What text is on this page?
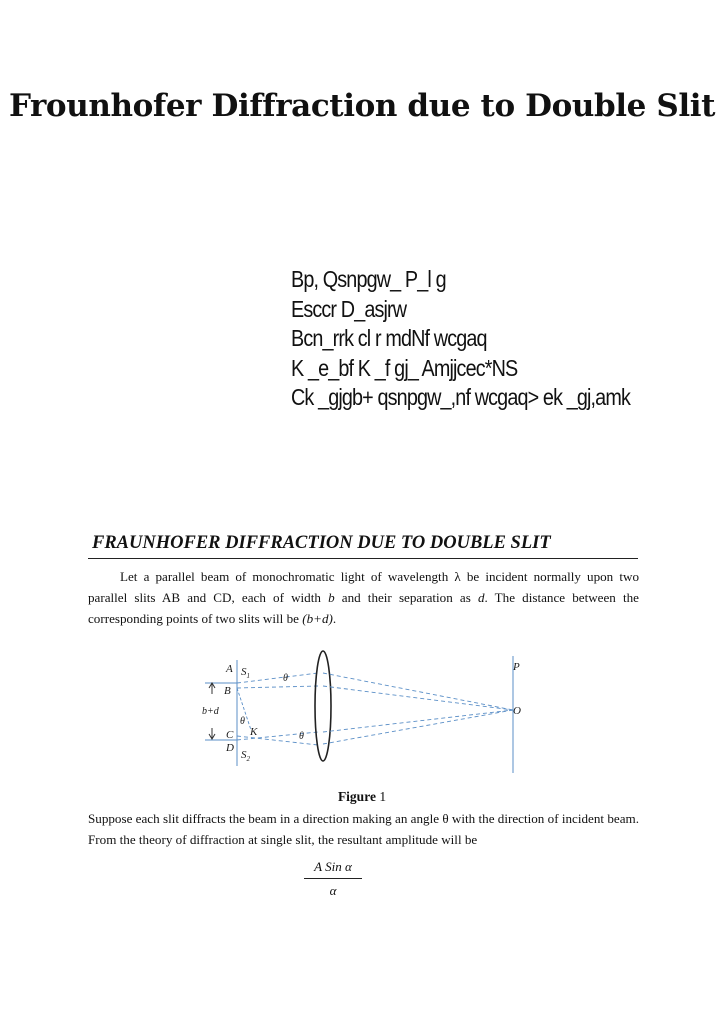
Frounhofer Diffraction due to Double Slit
Bp, Qsnpgw_ P_l g
Esccr D_asjrw
Bcn_rrk cl r mdNf wcgaq
K _e_bf K _f gj_ Amjjcec*NS
Ck _gjgb+ qsnpgw_,nf wcgaq> ek _gj,amk
FRAUNHOFER DIFFRACTION DUE TO DOUBLE SLIT

Let a parallel beam of monochromatic light of wavelength λ be incident normally upon two parallel slits AB and CD, each of width b and their separation as d. The distance between the corresponding points of two slits will be (b+d).

A $S_1$	θ
B
b+d
θ
K
C	θ
D
$S_2$
P
O
Figure 1

Suppose each slit diffracts the beam in a direction making an angle θ with the direction of incident beam. From the theory of diffraction at single slit, the resultant amplitude will be

A Sin α
α
